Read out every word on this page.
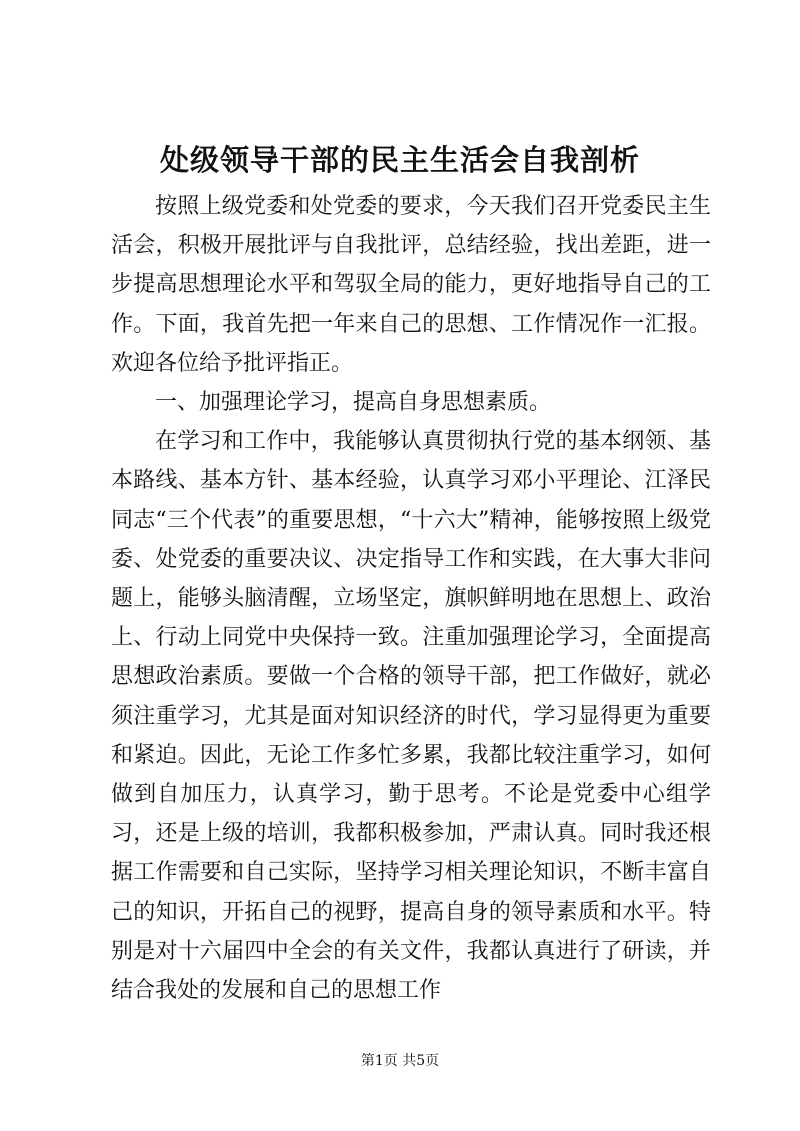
处级领导干部的民主生活会自我剖析

按照上级党委和处党委的要求，今天我们召开党委民主生活会，积极开展批评与自我批评，总结经验，找出差距，进一步提高思想理论水平和驾驭全局的能力，更好地指导自己的工作。下面，我首先把一年来自己的思想、工作情况作一汇报。欢迎各位给予批评指正。

一、加强理论学习，提高自身思想素质。

在学习和工作中，我能够认真贯彻执行党的基本纲领、基本路线、基本方针、基本经验，认真学习邓小平理论、江泽民同志“三个代表”的重要思想，“十六大”精神，能够按照上级党委、处党委的重要决议、决定指导工作和实践，在大事大非问题上，能够头脑清醒，立场坚定，旗帜鲜明地在思想上、政治上、行动上同党中央保持一致。注重加强理论学习，全面提高思想政治素质。要做一个合格的领导干部，把工作做好，就必须注重学习，尤其是面对知识经济的时代，学习显得更为重要和紧迫。因此，无论工作多忙多累，我都比较注重学习，如何做到自加压力，认真学习，勤于思考。不论是党委中心组学习，还是上级的培训，我都积极参加，严肃认真。同时我还根据工作需要和自己实际，坚持学习相关理论知识，不断丰富自己的知识，开拓自己的视野，提高自身的领导素质和水平。特别是对十六届四中全会的有关文件，我都认真进行了研读，并结合我处的发展和自己的思想工作

第1页 共5页
